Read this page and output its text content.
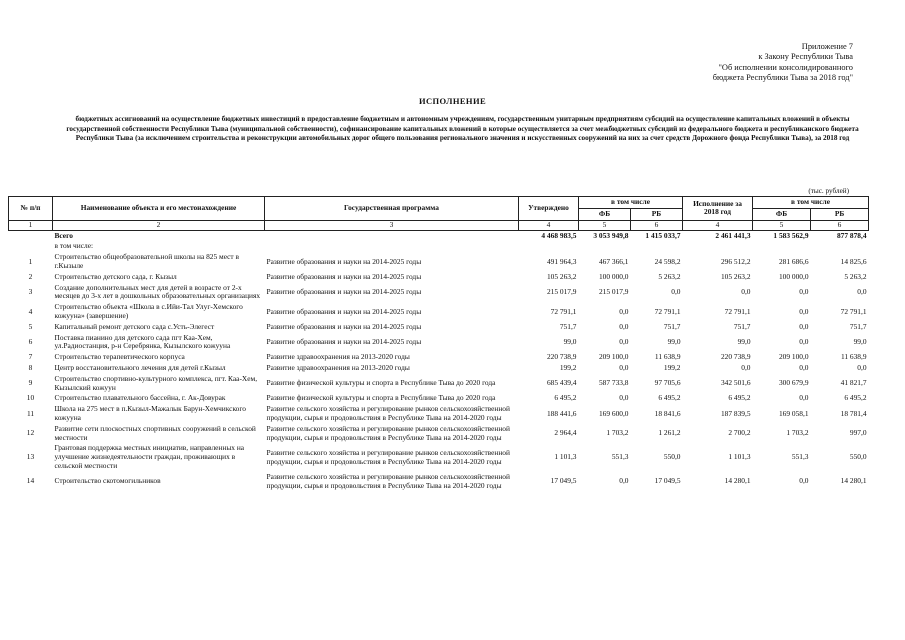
Приложение 7
к Закону Республики Тыва
"Об исполнении консолидированного
бюджета Республики Тыва за 2018 год"
ИСПОЛНЕНИЕ
бюджетных ассигнований на осуществление бюджетных инвестиций в предоставление бюджетным и автономным учреждениям, государственным унитарным предприятиям субсидий на осуществление капитальных вложений в объекты государственной собственности Республики Тыва (муниципальной собственности), софинансирование капитальных вложений в которые осуществляется за счет межбюджетных субсидий из федерального бюджета и республиканского бюджета Республики Тыва (за исключением строительства и реконструкции автомобильных дорог общего пользования регионального значения и искусственных сооружений на них за счет средств Дорожного фонда Республики Тыва), за 2018 год
(тыс. рублей)
№ п/п	Наименование объекта и его местонахождение	Государственная программа	Утверждено	в том числе		Исполнение за 2018 год	в том числе	
				ФБ	РБ		ФБ	РБ
1	2	3	4	5	6	4	5	6
	Всего		4 468 983,5	3 053 949,8	1 415 033,7	2 461 441,3	1 583 562,9	877 878,4
	в том числе:							
1	Строительство общеобразовательной школы на 825 мест в г.Кызыле	Развитие образования и науки на 2014-2025 годы	491 964,3	467 366,1	24 598,2	296 512,2	281 686,6	14 825,6
2	Строительство детского сада, г. Кызыл	Развитие образования и науки на 2014-2025 годы	105 263,2	100 000,0	5 263,2	105 263,2	100 000,0	5 263,2
3	Создание дополнительных мест для детей в возрасте от 2-х месяцев до 3-х лет в дошкольных образовательных организациях	Развитие образования и науки на 2014-2025 годы	215 017,9	215 017,9	0,0	0,0	0,0	0,0
4	Строительство объекта «Школа в с.Ийи-Тал Улуг-Хемского кожууна» (завершение)	Развитие образования и науки на 2014-2025 годы	72 791,1	0,0	72 791,1	72 791,1	0,0	72 791,1
5	Капитальный ремонт детского сада с.Усть-Элегест	Развитие образования и науки на 2014-2025 годы	751,7	0,0	751,7	751,7	0,0	751,7
6	Поставка пианино для детского сада пгт Каа-Хем, ул.Радиостанция, р-н Серебрянка, Кызылского кожууна	Развитие образования и науки на 2014-2025 годы	99,0	0,0	99,0	99,0	0,0	99,0
7	Строительство терапевтического корпуса	Развитие здравоохранения на 2013-2020 годы	220 738,9	209 100,0	11 638,9	220 738,9	209 100,0	11 638,9
8	Центр восстановительного лечения для детей г.Кызыл	Развитие здравоохранения на 2013-2020 годы	199,2	0,0	199,2	0,0	0,0	0,0
9	Строительство спортивно-культурного комплекса, пгт. Каа-Хем, Кызылский кожуун	Развитие физической культуры и спорта в Республике Тыва до 2020 года	685 439,4	587 733,8	97 705,6	342 501,6	300 679,9	41 821,7
10	Строительство плавательного бассейна, г. Ак-Довурак	Развитие физической культуры и спорта в Республике Тыва до 2020 года	6 495,2	0,0	6 495,2	6 495,2	0,0	6 495,2
11	Школа на 275 мест в п.Кызыл-Мажалык Барун-Хемчикского кожууна	Развитие сельского хозяйства и регулирование рынков сельскохозяйственной продукции, сырья и продовольствия в Республике Тыва на 2014-2020 годы	188 441,6	169 600,0	18 841,6	187 839,5	169 058,1	18 781,4
12	Развитие сети плоскостных спортивных сооружений в сельской местности	Развитие сельского хозяйства и регулирование рынков сельскохозяйственной продукции, сырья и продовольствия в Республике Тыва на 2014-2020 годы	2 964,4	1 703,2	1 261,2	2 700,2	1 703,2	997,0
13	Грантовая поддержка местных инициатив, направленных на улучшение жизнедеятельности граждан, проживающих в сельской местности	Развитие сельского хозяйства и регулирование рынков сельскохозяйственной продукции, сырья и продовольствия в Республике Тыва на 2014-2020 годы	1 101,3	551,3	550,0	1 101,3	551,3	550,0
14	Строительство скотомогильников	Развитие сельского хозяйства и регулирование рынков сельскохозяйственной продукции, сырья и продовольствия в Республике Тыва на 2014-2020 годы	17 049,5	0,0	17 049,5	14 280,1	0,0	14 280,1
